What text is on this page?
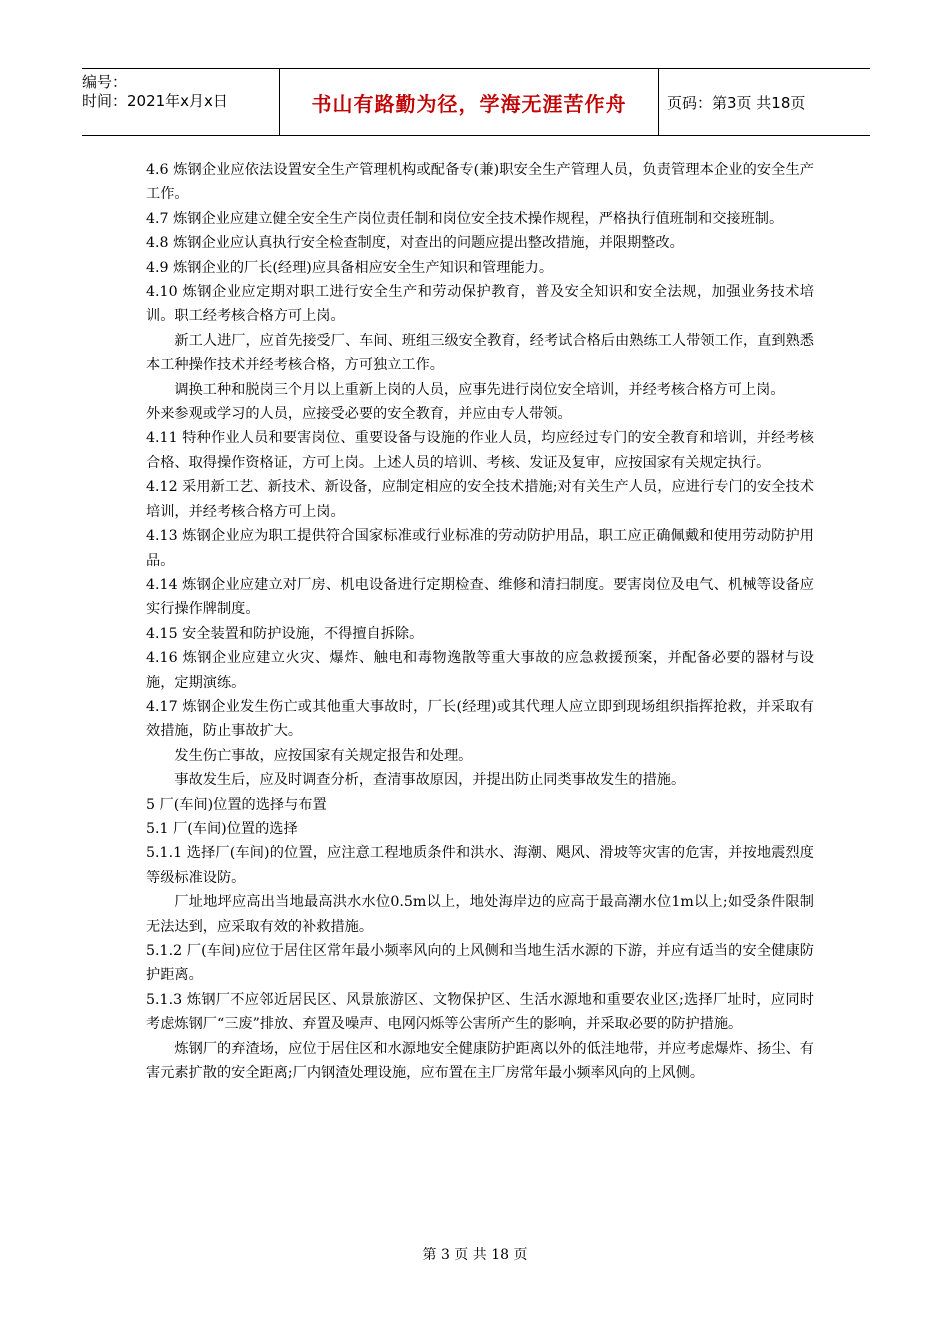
编号：
时间：2021年x月x日	书山有路勤为径，学海无涯苦作舟	页码：第3页 共18页

4.6 炼钢企业应依法设置安全生产管理机构或配备专(兼)职安全生产管理人员，负责管理本企业的安全生产工作。

4.7 炼钢企业应建立健全安全生产岗位责任制和岗位安全技术操作规程，严格执行值班制和交接班制。

4.8 炼钢企业应认真执行安全检查制度，对查出的问题应提出整改措施，并限期整改。

4.9 炼钢企业的厂长(经理)应具备相应安全生产知识和管理能力。

4.10 炼钢企业应定期对职工进行安全生产和劳动保护教育，普及安全知识和安全法规，加强业务技术培训。职工经考核合格方可上岗。

新工人进厂，应首先接受厂、车间、班组三级安全教育，经考试合格后由熟练工人带领工作，直到熟悉本工种操作技术并经考核合格，方可独立工作。

调换工种和脱岗三个月以上重新上岗的人员，应事先进行岗位安全培训，并经考核合格方可上岗。

外来参观或学习的人员，应接受必要的安全教育，并应由专人带领。

4.11 特种作业人员和要害岗位、重要设备与设施的作业人员，均应经过专门的安全教育和培训，并经考核合格、取得操作资格证，方可上岗。上述人员的培训、考核、发证及复审，应按国家有关规定执行。

4.12 采用新工艺、新技术、新设备，应制定相应的安全技术措施;对有关生产人员，应进行专门的安全技术培训，并经考核合格方可上岗。

4.13 炼钢企业应为职工提供符合国家标准或行业标准的劳动防护用品，职工应正确佩戴和使用劳动防护用品。

4.14 炼钢企业应建立对厂房、机电设备进行定期检查、维修和清扫制度。要害岗位及电气、机械等设备应实行操作牌制度。

4.15 安全装置和防护设施，不得擅自拆除。

4.16 炼钢企业应建立火灾、爆炸、触电和毒物逸散等重大事故的应急救援预案，并配备必要的器材与设施，定期演练。

4.17 炼钢企业发生伤亡或其他重大事故时，厂长(经理)或其代理人应立即到现场组织指挥抢救，并采取有效措施，防止事故扩大。

发生伤亡事故，应按国家有关规定报告和处理。

事故发生后，应及时调查分析，查清事故原因，并提出防止同类事故发生的措施。

5 厂(车间)位置的选择与布置

5.1 厂(车间)位置的选择

5.1.1 选择厂(车间)的位置，应注意工程地质条件和洪水、海潮、飓风、滑坡等灾害的危害，并按地震烈度等级标准设防。

厂址地坪应高出当地最高洪水水位0.5m以上，地处海岸边的应高于最高潮水位1m以上;如受条件限制无法达到，应采取有效的补救措施。

5.1.2 厂(车间)应位于居住区常年最小频率风向的上风侧和当地生活水源的下游，并应有适当的安全健康防护距离。

5.1.3 炼钢厂不应邻近居民区、风景旅游区、文物保护区、生活水源地和重要农业区;选择厂址时，应同时考虑炼钢厂“三废”排放、弃置及噪声、电网闪烁等公害所产生的影响，并采取必要的防护措施。

炼钢厂的弃渣场，应位于居住区和水源地安全健康防护距离以外的低洼地带，并应考虑爆炸、扬尘、有害元素扩散的安全距离;厂内钢渣处理设施，应布置在主厂房常年最小频率风向的上风侧。

第 3 页 共 18 页
